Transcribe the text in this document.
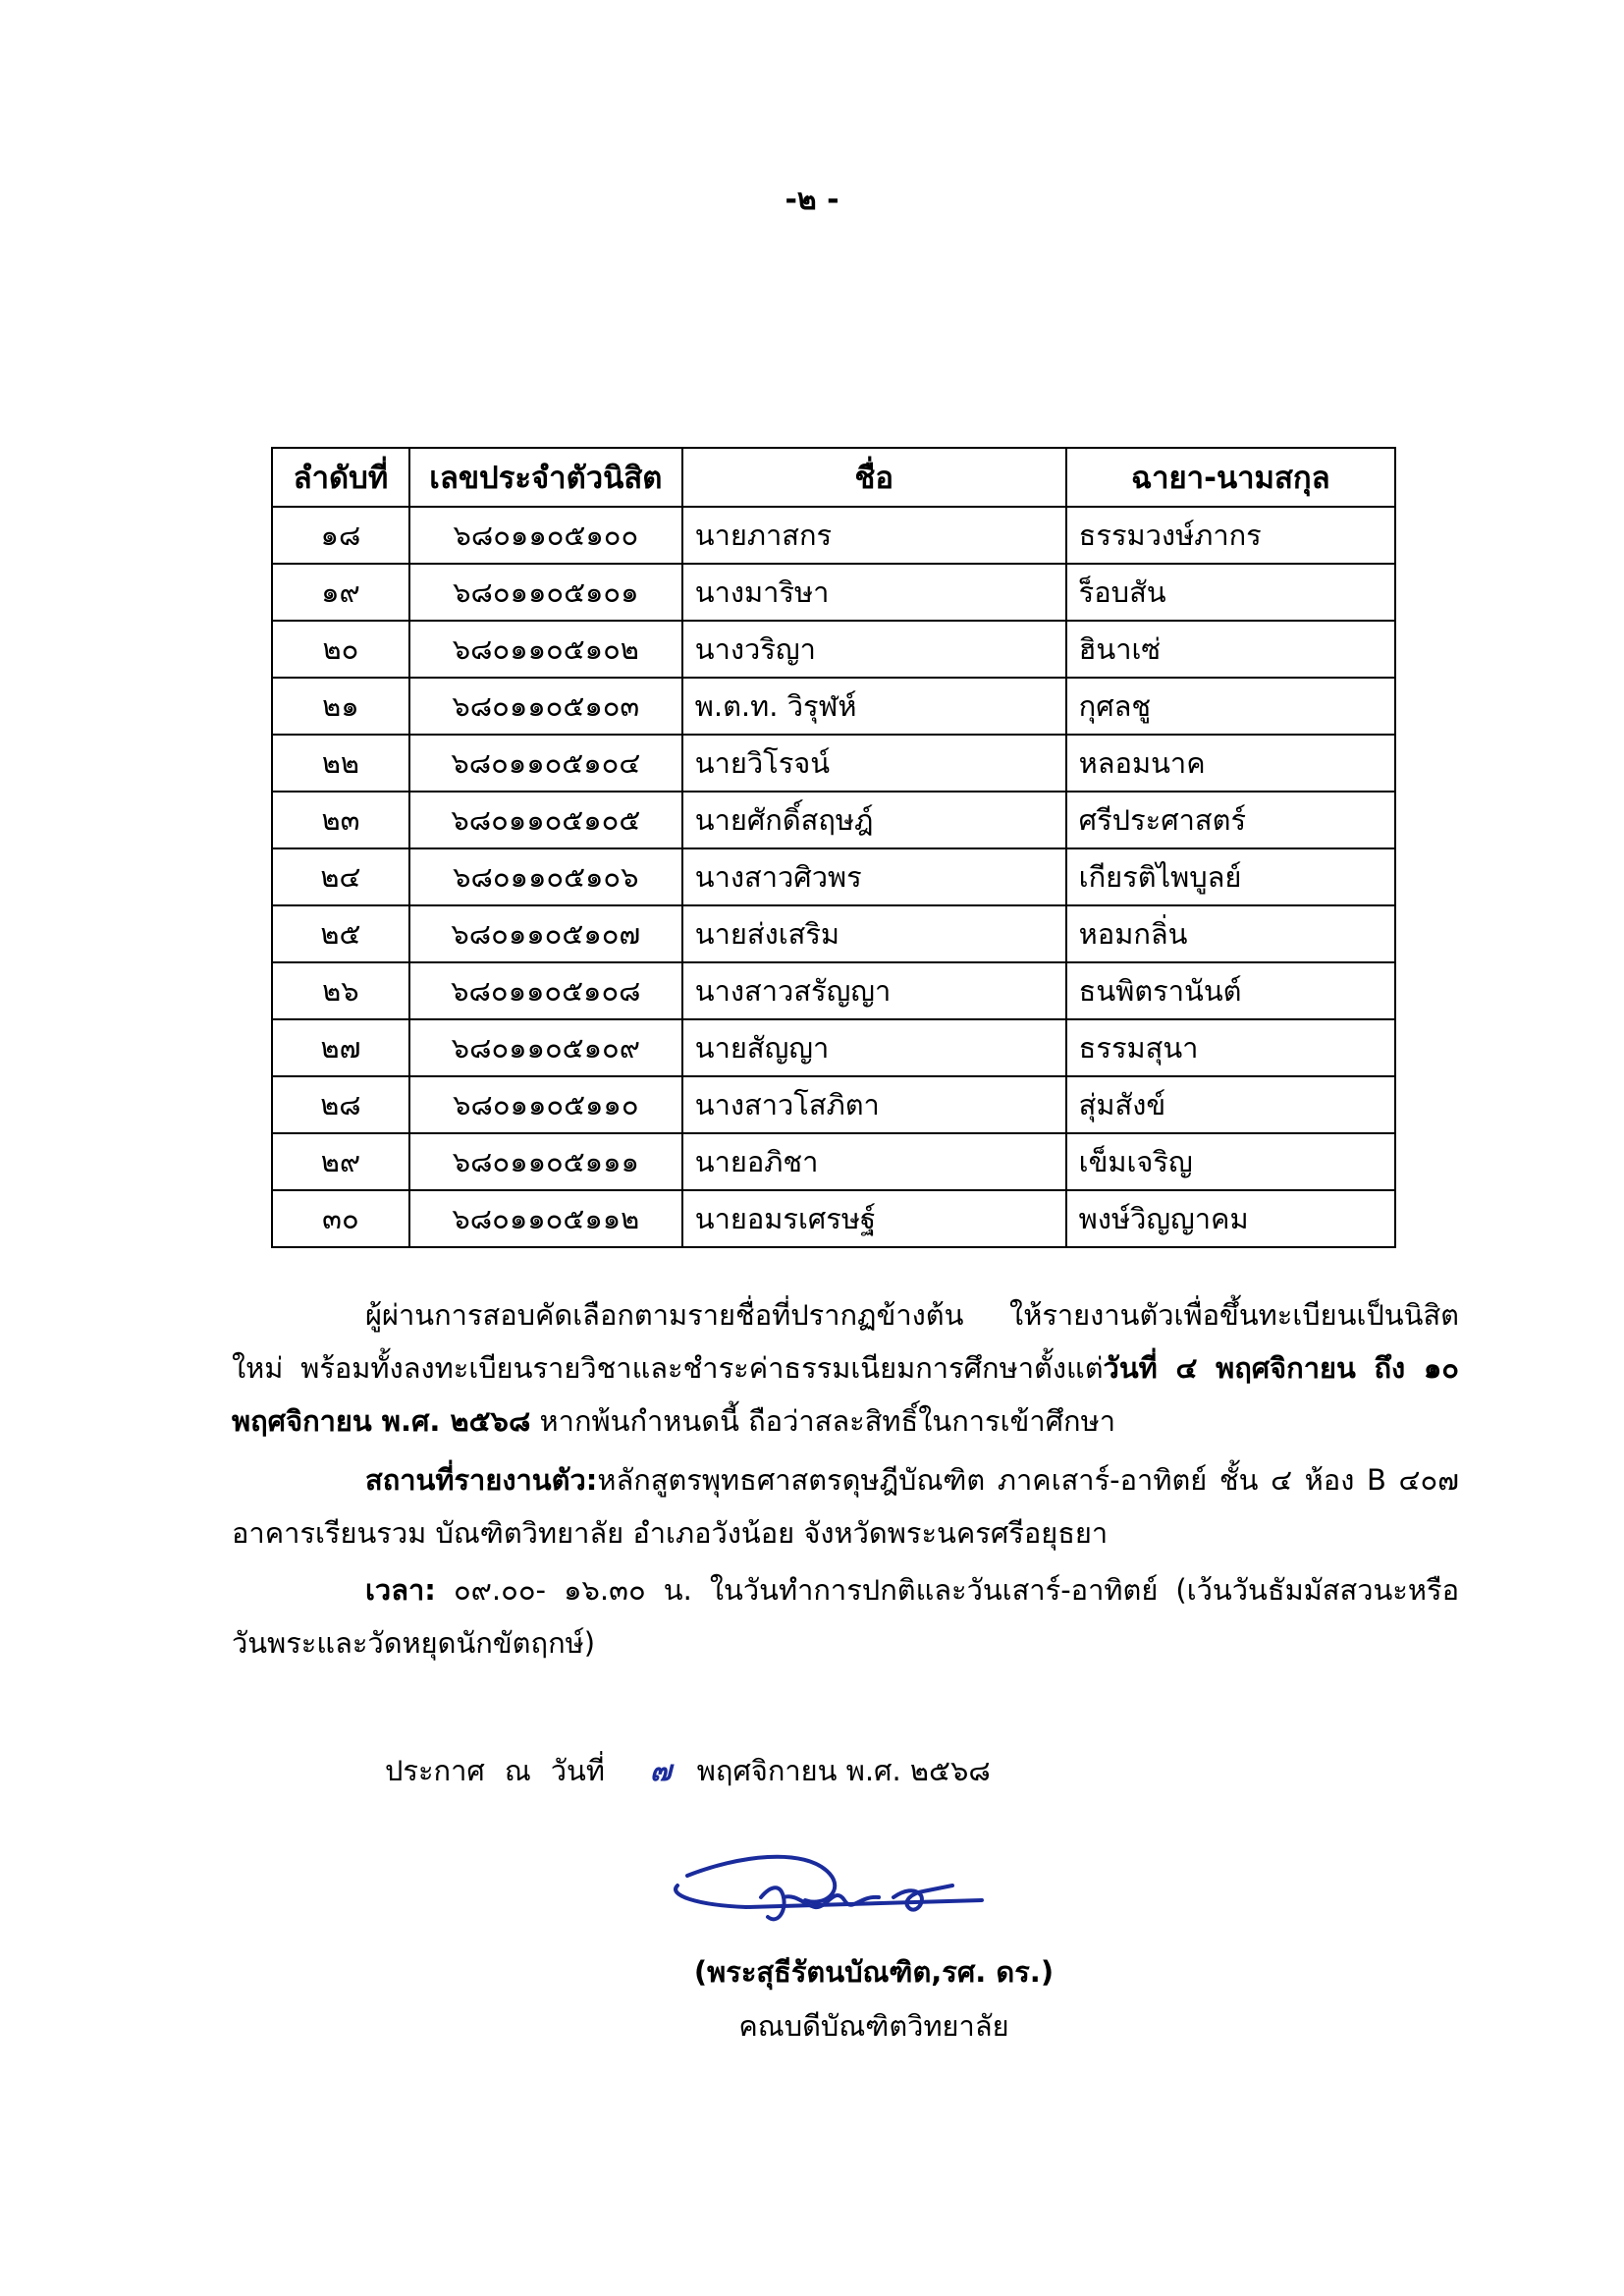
-๒ -
ลำดับที่	เลขประจำตัวนิสิต	ชื่อ	ฉายา-นามสกุล
๑๘	๖๘๐๑๑๐๕๑๐๐	นายภาสกร	ธรรมวงษ์ภากร
๑๙	๖๘๐๑๑๐๕๑๐๑	นางมาริษา	ร็อบสัน
๒๐	๖๘๐๑๑๐๕๑๐๒	นางวริญา	ฮินาเซ่
๒๑	๖๘๐๑๑๐๕๑๐๓	พ.ต.ท. วิรุฬห์	กุศลชู
๒๒	๖๘๐๑๑๐๕๑๐๔	นายวิโรจน์	หลอมนาค
๒๓	๖๘๐๑๑๐๕๑๐๕	นายศักดิ์สฤษฎ์	ศรีประศาสตร์
๒๔	๖๘๐๑๑๐๕๑๐๖	นางสาวศิวพร	เกียรติไพบูลย์
๒๕	๖๘๐๑๑๐๕๑๐๗	นายส่งเสริม	หอมกลิ่น
๒๖	๖๘๐๑๑๐๕๑๐๘	นางสาวสรัญญา	ธนพิตรานันต์
๒๗	๖๘๐๑๑๐๕๑๐๙	นายสัญญา	ธรรมสุนา
๒๘	๖๘๐๑๑๐๕๑๑๐	นางสาวโสภิตา	สุ่มสังข์
๒๙	๖๘๐๑๑๐๕๑๑๑	นายอภิชา	เข็มเจริญ
๓๐	๖๘๐๑๑๐๕๑๑๒	นายอมรเศรษฐ์	พงษ์วิญญาคม
ผู้ผ่านการสอบคัดเลือกตามรายชื่อที่ปรากฏข้างต้น ให้รายงานตัวเพื่อขึ้นทะเบียนเป็นนิสิตใหม่ พร้อมทั้งลงทะเบียนรายวิชาและชำระค่าธรรมเนียมการศึกษาตั้งแต่วันที่ ๔ พฤศจิกายน ถึง ๑๐ พฤศจิกายน พ.ศ. ๒๕๖๘ หากพ้นกำหนดนี้ ถือว่าสละสิทธิ์ในการเข้าศึกษา
สถานที่รายงานตัว:หลักสูตรพุทธศาสตรดุษฎีบัณฑิต ภาคเสาร์-อาทิตย์ ชั้น ๔ ห้อง B ๔๐๗ อาคารเรียนรวม บัณฑิตวิทยาลัย อำเภอวังน้อย จังหวัดพระนครศรีอยุธยา
เวลา: ๐๙.๐๐- ๑๖.๓๐ น. ในวันทำการปกติและวันเสาร์-อาทิตย์ (เว้นวันธัมมัสสวนะหรือวันพระและวัดหยุดนักขัตฤกษ์)
ประกาศ ณ วันที่ ๗ พฤศจิกายน พ.ศ. ๒๕๖๘
(พระสุธีรัตนบัณฑิต,รศ. ดร.)
คณบดีบัณฑิตวิทยาลัย
